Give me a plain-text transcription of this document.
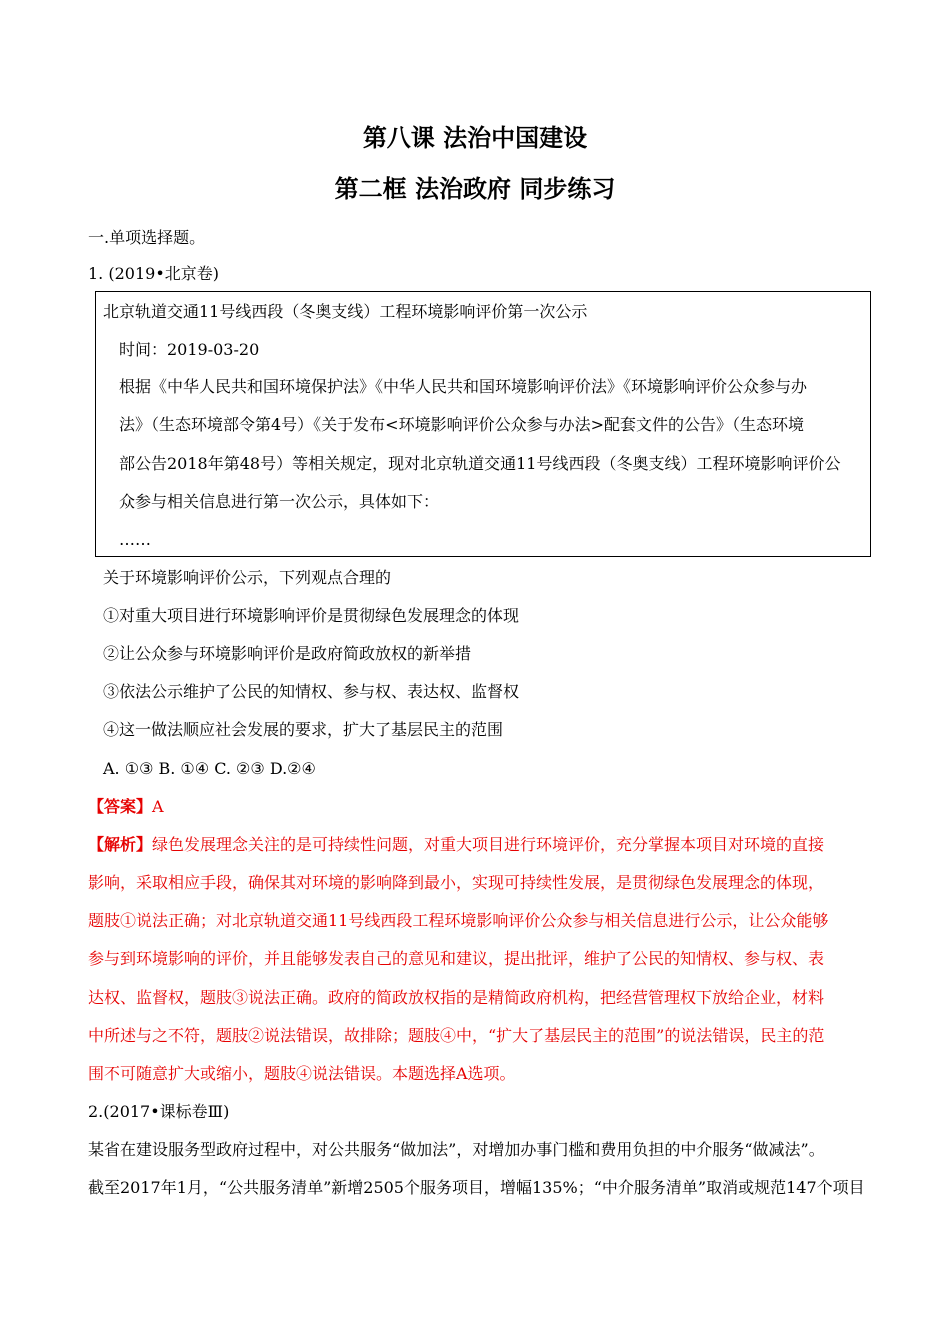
第八课 法治中国建设
第二框 法治政府 同步练习
一.单项选择题。
1. (2019•北京卷)
北京轨道交通11号线西段（冬奥支线）工程环境影响评价第一次公示
时间：2019-03-20
根据《中华人民共和国环境保护法》《中华人民共和国环境影响评价法》《环境影响评价公众参与办
法》（生态环境部令第4号）《关于发布<环境影响评价公众参与办法>配套文件的公告》（生态环境
部公告2018年第48号）等相关规定，现对北京轨道交通11号线西段（冬奥支线）工程环境影响评价公
众参与相关信息进行第一次公示，具体如下：
……
关于环境影响评价公示，下列观点合理的
①对重大项目进行环境影响评价是贯彻绿色发展理念的体现
②让公众参与环境影响评价是政府简政放权的新举措
③依法公示维护了公民的知情权、参与权、表达权、监督权
④这一做法顺应社会发展的要求，扩大了基层民主的范围
A. ①③ B. ①④ C. ②③ D.②④
【答案】A
【解析】绿色发展理念关注的是可持续性问题，对重大项目进行环境评价，充分掌握本项目对环境的直接
影响，采取相应手段，确保其对环境的影响降到最小，实现可持续性发展，是贯彻绿色发展理念的体现，
题肢①说法正确；对北京轨道交通11号线西段工程环境影响评价公众参与相关信息进行公示，让公众能够
参与到环境影响的评价，并且能够发表自己的意见和建议，提出批评，维护了公民的知情权、参与权、表
达权、监督权，题肢③说法正确。政府的简政放权指的是精简政府机构，把经营管理权下放给企业，材料
中所述与之不符，题肢②说法错误，故排除；题肢④中，“扩大了基层民主的范围”的说法错误，民主的范
围不可随意扩大或缩小，题肢④说法错误。本题选择A选项。
2.(2017•课标卷Ⅲ)
某省在建设服务型政府过程中，对公共服务“做加法”，对增加办事门槛和费用负担的中介服务“做减法”。
截至2017年1月，“公共服务清单”新增2505个服务项目，增幅135%；“中介服务清单”取消或规范147个项目
